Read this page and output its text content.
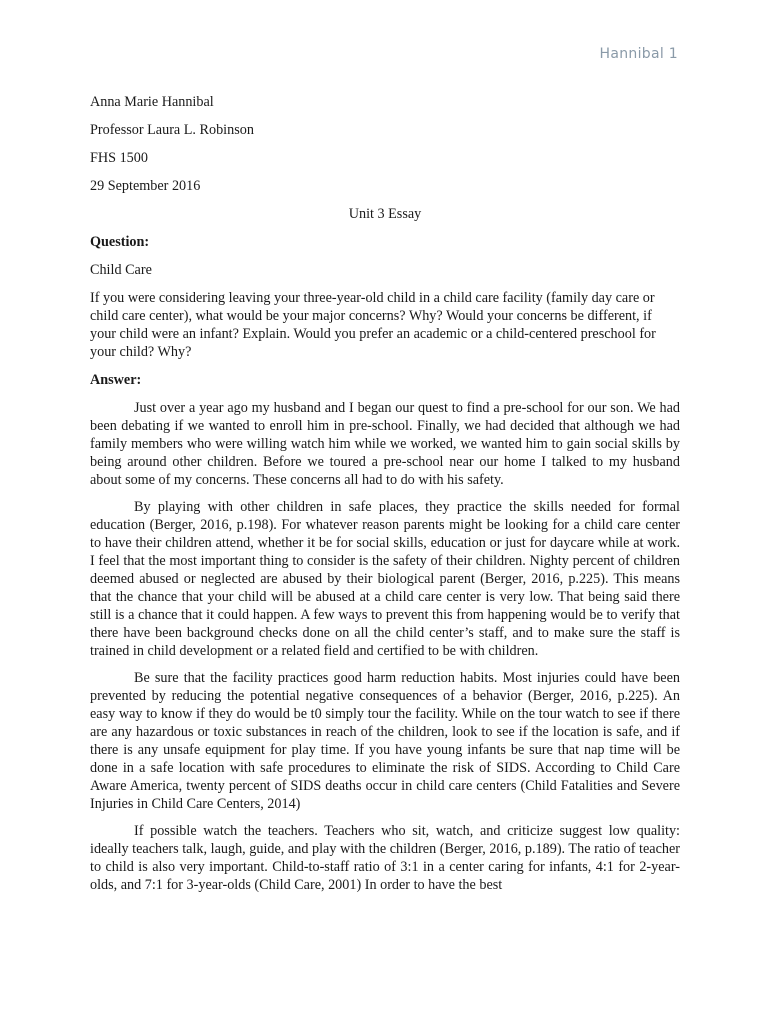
Hannibal 1
Anna Marie Hannibal
Professor Laura L. Robinson
FHS 1500
29 September 2016
Unit 3 Essay
Question:
Child Care
If you were considering leaving your three-year-old child in a child care facility (family day care or child care center), what would be your major concerns? Why? Would your concerns be different, if your child were an infant? Explain. Would you prefer an academic or a child-centered preschool for your child? Why?
Answer:

Just over a year ago my husband and I began our quest to find a pre-school for our son. We had been debating if we wanted to enroll him in pre-school. Finally, we had decided that although we had family members who were willing watch him while we worked, we wanted him to gain social skills by being around other children. Before we toured a pre-school near our home I talked to my husband about some of my concerns. These concerns all had to do with his safety.

By playing with other children in safe places, they practice the skills needed for formal education (Berger, 2016, p.198). For whatever reason parents might be looking for a child care center to have their children attend, whether it be for social skills, education or just for daycare while at work. I feel that the most important thing to consider is the safety of their children. Nighty percent of children deemed abused or neglected are abused by their biological parent (Berger, 2016, p.225). This means that the chance that your child will be abused at a child care center is very low. That being said there still is a chance that it could happen. A few ways to prevent this from happening would be to verify that there have been background checks done on all the child center’s staff, and to make sure the staff is trained in child development or a related field and certified to be with children.

Be sure that the facility practices good harm reduction habits. Most injuries could have been prevented by reducing the potential negative consequences of a behavior (Berger, 2016, p.225). An easy way to know if they do would be t0 simply tour the facility. While on the tour watch to see if there are any hazardous or toxic substances in reach of the children, look to see if the location is safe, and if there is any unsafe equipment for play time. If you have young infants be sure that nap time will be done in a safe location with safe procedures to eliminate the risk of SIDS. According to Child Care Aware America, twenty percent of SIDS deaths occur in child care centers (Child Fatalities and Severe Injuries in Child Care Centers, 2014)

If possible watch the teachers. Teachers who sit, watch, and criticize suggest low quality: ideally teachers talk, laugh, guide, and play with the children (Berger, 2016, p.189). The ratio of teacher to child is also very important. Child-to-staff ratio of 3:1 in a center caring for infants, 4:1 for 2-year-olds, and 7:1 for 3-year-olds (Child Care, 2001) In order to have the best
